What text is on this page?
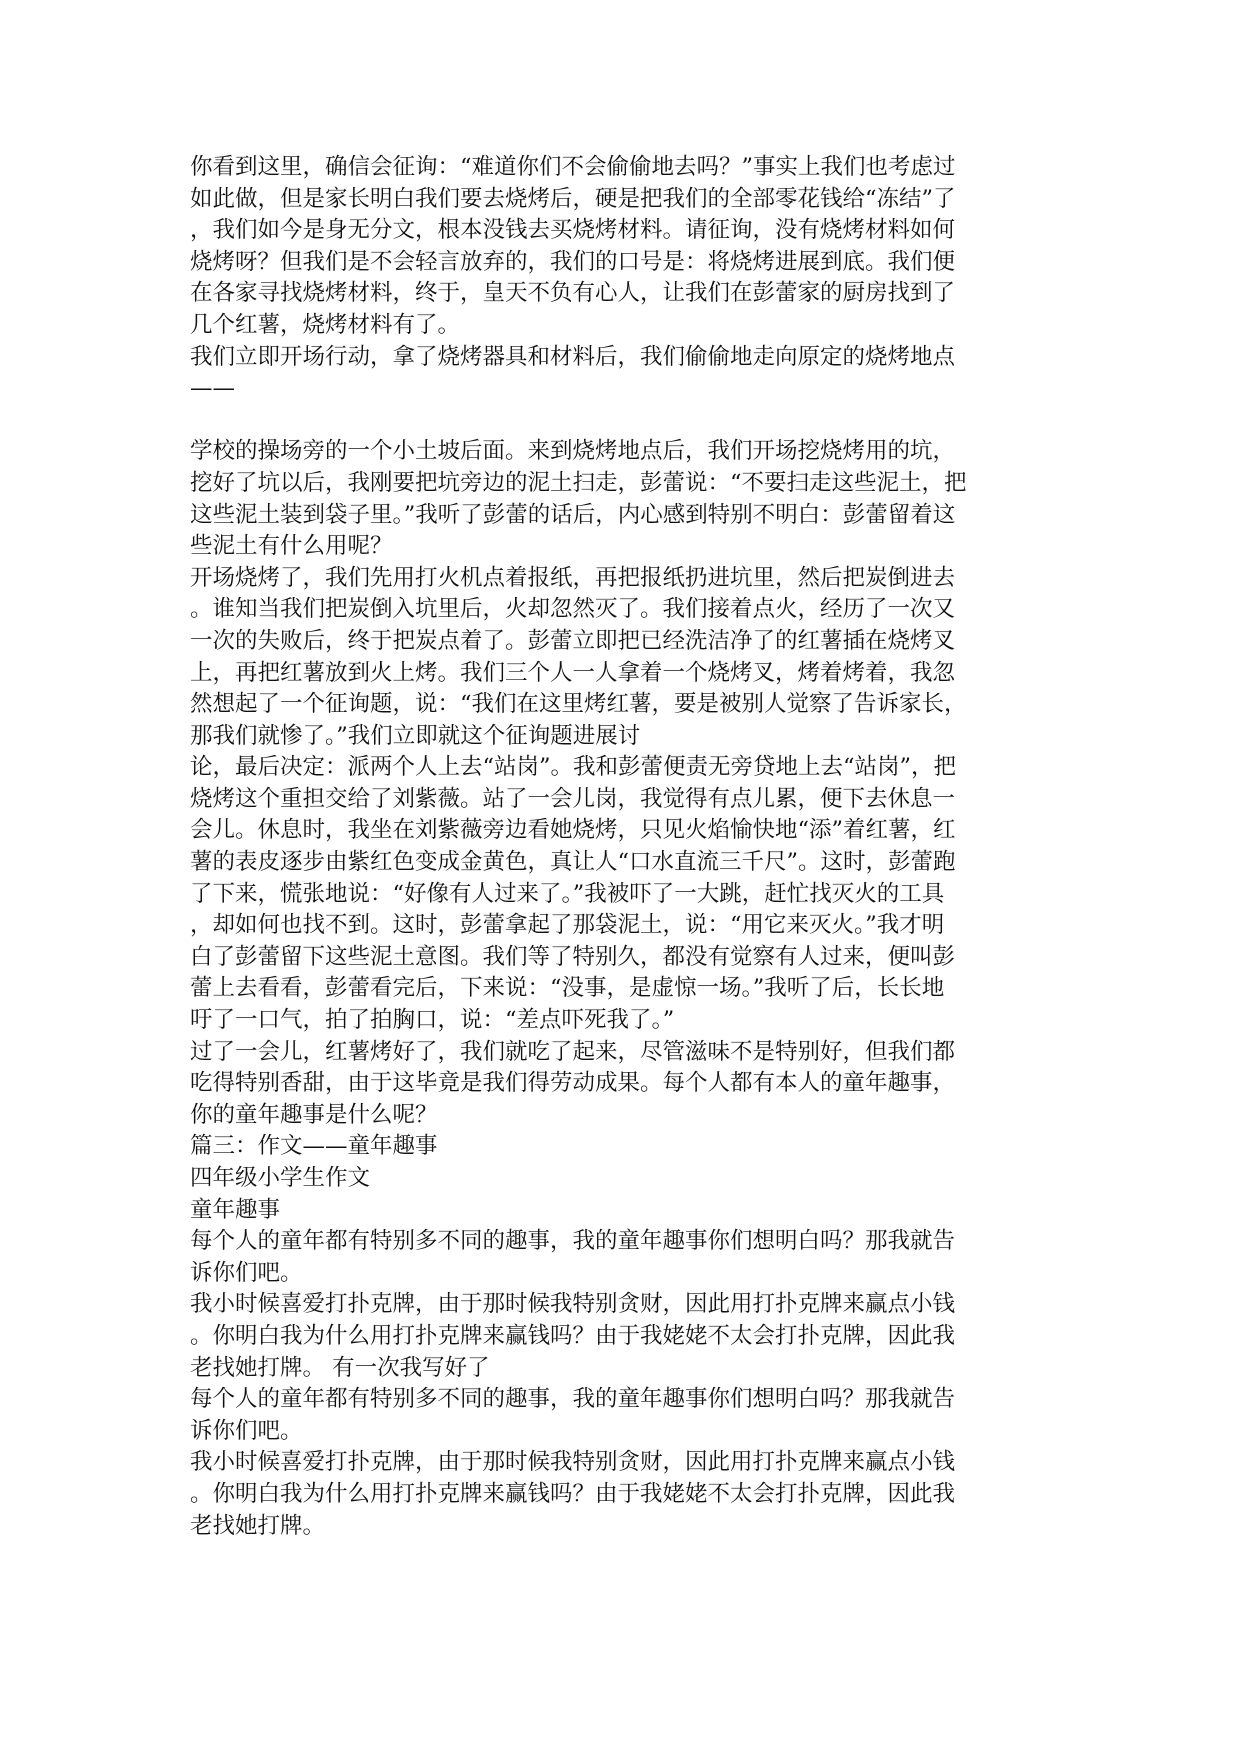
你看到这里，确信会征询：“难道你们不会偷偷地去吗？”事实上我们也考虑过
如此做，但是家长明白我们要去烧烤后，硬是把我们的全部零花钱给“冻结”了
，我们如今是身无分文，根本没钱去买烧烤材料。请征询，没有烧烤材料如何
烧烤呀？但我们是不会轻言放弃的，我们的口号是：将烧烤进展到底。我们便
在各家寻找烧烤材料，终于，皇天不负有心人，让我们在彭蕾家的厨房找到了
几个红薯，烧烤材料有了。
我们立即开场行动，拿了烧烤器具和材料后，我们偷偷地走向原定的烧烤地点
——
学校的操场旁的一个小土坡后面。来到烧烤地点后，我们开场挖烧烤用的坑，
挖好了坑以后，我刚要把坑旁边的泥土扫走，彭蕾说：“不要扫走这些泥土，把
这些泥土装到袋子里。”我听了彭蕾的话后，内心感到特别不明白：彭蕾留着这
些泥土有什么用呢？
开场烧烤了，我们先用打火机点着报纸，再把报纸扔进坑里，然后把炭倒进去
。谁知当我们把炭倒入坑里后，火却忽然灭了。我们接着点火，经历了一次又
一次的失败后，终于把炭点着了。彭蕾立即把已经洗洁净了的红薯插在烧烤叉
上，再把红薯放到火上烤。我们三个人一人拿着一个烧烤叉，烤着烤着，我忽
然想起了一个征询题，说：“我们在这里烤红薯，要是被别人觉察了告诉家长，
那我们就惨了。”我们立即就这个征询题进展讨
论，最后决定：派两个人上去“站岗”。我和彭蕾便责无旁贷地上去“站岗”，把
烧烤这个重担交给了刘紫薇。站了一会儿岗，我觉得有点儿累，便下去休息一
会儿。休息时，我坐在刘紫薇旁边看她烧烤，只见火焰愉快地“添”着红薯，红
薯的表皮逐步由紫红色变成金黄色，真让人“口水直流三千尺”。这时，彭蕾跑
了下来，慌张地说：“好像有人过来了。”我被吓了一大跳，赶忙找灭火的工具
，却如何也找不到。这时，彭蕾拿起了那袋泥土，说：“用它来灭火。”我才明
白了彭蕾留下这些泥土意图。我们等了特别久，都没有觉察有人过来，便叫彭
蕾上去看看，彭蕾看完后，下来说：“没事，是虚惊一场。”我听了后，长长地
吁了一口气，拍了拍胸口，说：“差点吓死我了。”
过了一会儿，红薯烤好了，我们就吃了起来，尽管滋味不是特别好，但我们都
吃得特别香甜，由于这毕竟是我们得劳动成果。每个人都有本人的童年趣事，
你的童年趣事是什么呢？
篇三：作文——童年趣事
四年级小学生作文
童年趣事
每个人的童年都有特别多不同的趣事，我的童年趣事你们想明白吗？那我就告
诉你们吧。
我小时候喜爱打扑克牌，由于那时候我特别贪财，因此用打扑克牌来赢点小钱
。你明白我为什么用打扑克牌来赢钱吗？由于我姥姥不太会打扑克牌，因此我
老找她打牌。 有一次我写好了
每个人的童年都有特别多不同的趣事，我的童年趣事你们想明白吗？那我就告
诉你们吧。
我小时候喜爱打扑克牌，由于那时候我特别贪财，因此用打扑克牌来赢点小钱
。你明白我为什么用打扑克牌来赢钱吗？由于我姥姥不太会打扑克牌，因此我
老找她打牌。
